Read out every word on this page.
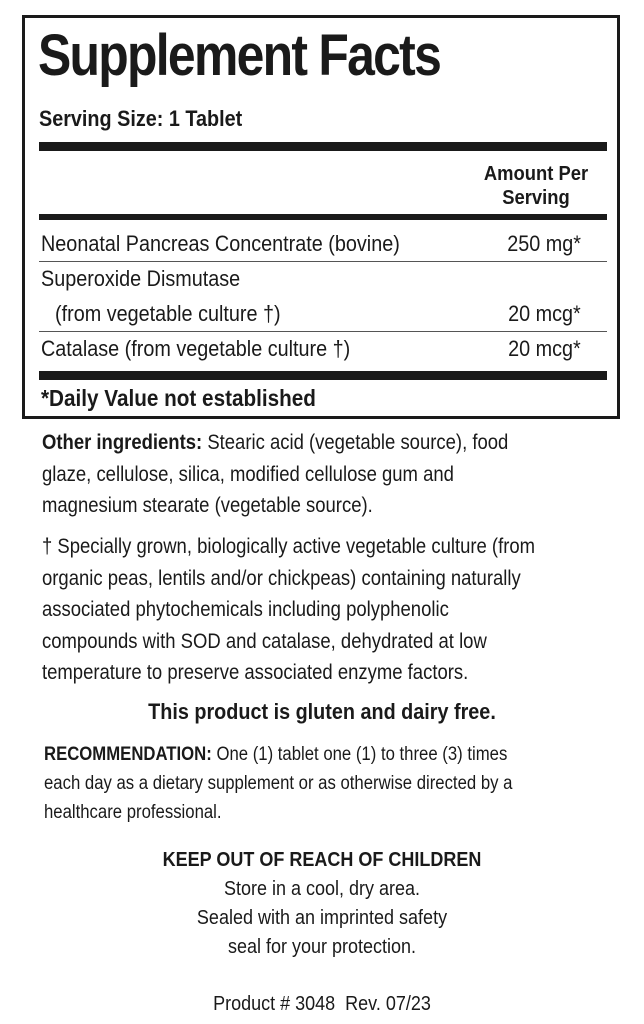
Supplement Facts
Serving Size: 1 Tablet
Amount Per
Serving
Neonatal Pancreas Concentrate (bovine)	250 mg*
Superoxide Dismutase
(from vegetable culture †)	20 mcg*
Catalase (from vegetable culture †)	20 mcg*
*Daily Value not established
Other ingredients: Stearic acid (vegetable source), food
glaze, cellulose, silica, modified cellulose gum and
magnesium stearate (vegetable source).
† Specially grown, biologically active vegetable culture (from
organic peas, lentils and/or chickpeas) containing naturally
associated phytochemicals including polyphenolic
compounds with SOD and catalase, dehydrated at low
temperature to preserve associated enzyme factors.
This product is gluten and dairy free.
RECOMMENDATION: One (1) tablet one (1) to three (3) times
each day as a dietary supplement or as otherwise directed by a
healthcare professional.
KEEP OUT OF REACH OF CHILDREN
Store in a cool, dry area.
Sealed with an imprinted safety
seal for your protection.
Product # 3048  Rev. 07/23
